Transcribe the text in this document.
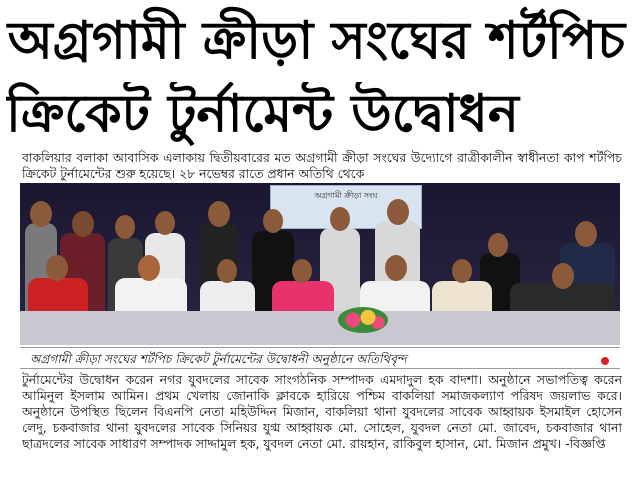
অগ্রগামী ক্রীড়া সংঘের শর্টপিচ
ক্রিকেট টুর্নামেন্ট উদ্বোধন
বাকলিয়ার বলাকা আবাসিক এলাকায় দ্বিতীয়বারের মত অগ্রগামী ক্রীড়া সংঘের উদ্যোগে রাত্রীকালীন স্বাধীনতা কাপ শর্টপিচ ক্রিকেট টুর্নামেন্টের শুরু হয়েছে। ২৮ নভেম্বর রাতে প্রধান অতিথি থেকে
অগ্রগামী ক্রীড়া সংঘ
অগ্রগামী ক্রীড়া সংঘের শর্টপিচ ক্রিকেট টুর্নামেন্টের উদ্বোধনী অনুষ্ঠানে অতিথিবৃন্দ
টুর্নামেন্টের উদ্বোধন করেন নগর যুবদলের সাবেক সাংগঠনিক সম্পাদক এমদাদুল হক বাদশা। অনুষ্ঠানে সভাপতিত্ব করেন আমিনুল ইসলাম আমিন। প্রথম খেলায় জোনাকি ক্লাবকে হারিয়ে পশ্চিম বাকলিয়া সমাজকল্যাণ পরিষদ জয়লাভ করে। অনুষ্ঠানে উপস্থিত ছিলেন বিএনপি নেতা মহিউদ্দিন মিজান, বাকলিয়া থানা যুবদলের সাবেক আহ্বায়ক ইসমাইল হোসেন লেদু, চকবাজার থানা যুবদলের সাবেক সিনিয়র যুগ্ম আহ্বায়ক মো. সোহেল, যুবদল নেতা মো. জাবেদ, চকবাজার থানা ছাত্রদলের সাবেক সাধারণ সম্পাদক সাদ্দামুল হক, যুবদল নেতা মো. রায়হান, রাকিবুল হাসান, মো. মিজান প্রমুখ। -বিজ্ঞপ্তি
